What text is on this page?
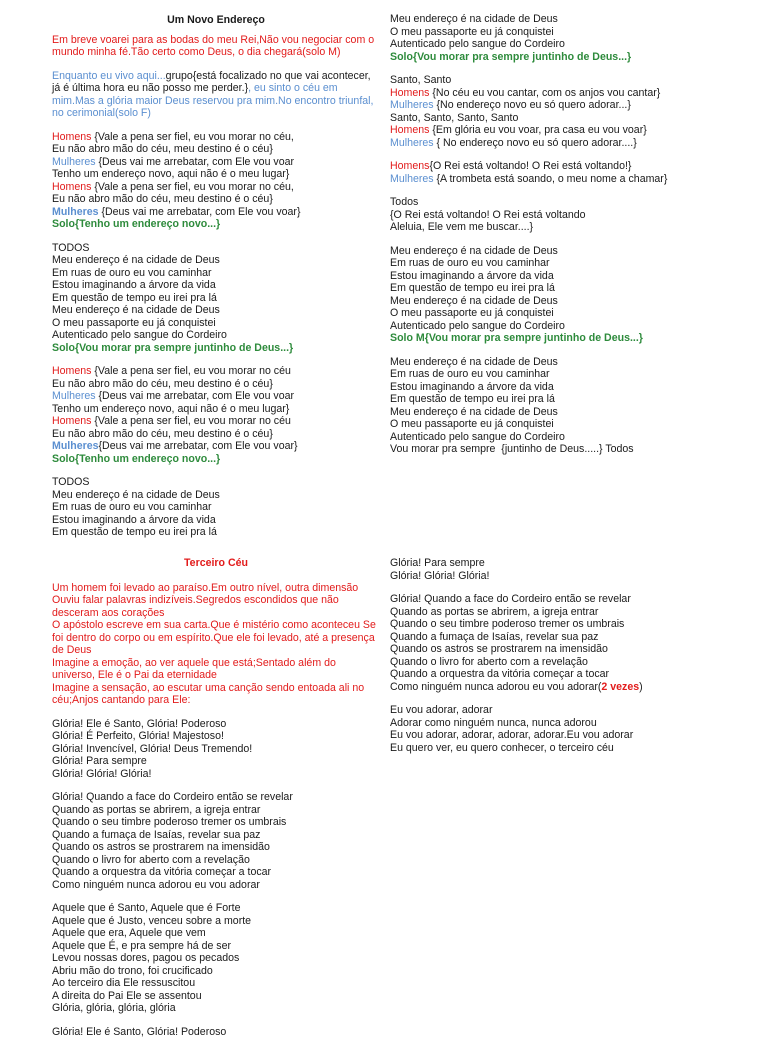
Um Novo Endereço
Em breve voarei para as bodas do meu Rei,Não vou negociar com o mundo minha fé.Tão certo como Deus, o dia chegará(solo M)
Enquanto eu vivo aqui...grupo{está focalizado no que vai acontecer, já é última hora eu não posso me perder.}, eu sinto o céu em mim.Mas a glória maior Deus reservou pra mim.No encontro triunfal, no cerimonial(solo F)
Homens {Vale a pena ser fiel, eu vou morar no céu,
Eu não abro mão do céu, meu destino é o céu}
Mulheres {Deus vai me arrebatar, com Ele vou voar
Tenho um endereço novo, aqui não é o meu lugar}
Homens {Vale a pena ser fiel, eu vou morar no céu,
Eu não abro mão do céu, meu destino é o céu}
Mulheres {Deus vai me arrebatar, com Ele vou voar}
Solo{Tenho um endereço novo...}
TODOS
Meu endereço é na cidade de Deus
Em ruas de ouro eu vou caminhar
Estou imaginando a árvore da vida
Em questão de tempo eu irei pra lá
Meu endereço é na cidade de Deus
O meu passaporte eu já conquistei
Autenticado pelo sangue do Cordeiro
Solo{Vou morar pra sempre juntinho de Deus...}
Homens {Vale a pena ser fiel, eu vou morar no céu
Eu não abro mão do céu, meu destino é o céu}
Mulheres {Deus vai me arrebatar, com Ele vou voar
Tenho um endereço novo, aqui não é o meu lugar}
Homens {Vale a pena ser fiel, eu vou morar no céu
Eu não abro mão do céu, meu destino é o céu}
Mulheres{Deus vai me arrebatar, com Ele vou voar}
Solo{Tenho um endereço novo...}
TODOS
Meu endereço é na cidade de Deus
Em ruas de ouro eu vou caminhar
Estou imaginando a árvore da vida
Em questão de tempo eu irei pra lá
Meu endereço é na cidade de Deus
O meu passaporte eu já conquistei
Autenticado pelo sangue do Cordeiro
Solo{Vou morar pra sempre juntinho de Deus...}
Santo, Santo
Homens {No céu eu vou cantar, com os anjos vou cantar}
Mulheres {No endereço novo eu só quero adorar...}
Santo, Santo, Santo, Santo
Homens {Em glória eu vou voar, pra casa eu vou voar}
Mulheres { No endereço novo eu só quero adorar....}
Homens{O Rei está voltando! O Rei está voltando!}
Mulheres {A trombeta está soando, o meu nome a chamar}
Todos
{O Rei está voltando! O Rei está voltando
Aleluia, Ele vem me buscar....}
Meu endereço é na cidade de Deus
Em ruas de ouro eu vou caminhar
Estou imaginando a árvore da vida
Em questão de tempo eu irei pra lá
Meu endereço é na cidade de Deus
O meu passaporte eu já conquistei
Autenticado pelo sangue do Cordeiro
Solo M{Vou morar pra sempre juntinho de Deus...}
Meu endereço é na cidade de Deus
Em ruas de ouro eu vou caminhar
Estou imaginando a árvore da vida
Em questão de tempo eu irei pra lá
Meu endereço é na cidade de Deus
O meu passaporte eu já conquistei
Autenticado pelo sangue do Cordeiro
Vou morar pra sempre  {juntinho de Deus.....} Todos
Terceiro Céu
Um homem foi levado ao paraíso.Em outro nível, outra dimensão Ouviu falar palavras indizíveis.Segredos escondidos que não desceram aos corações
O apóstolo escreve em sua carta.Que é mistério como aconteceu Se foi dentro do corpo ou em espírito.Que ele foi levado, até a presença de Deus
Imagine a emoção, ao ver aquele que está;Sentado além do universo, Ele é o Pai da eternidade
Imagine a sensação, ao escutar uma canção sendo entoada ali no céu;Anjos cantando para Ele:
Glória! Ele é Santo, Glória! Poderoso
Glória! É Perfeito, Glória! Majestoso!
Glória! Invencível, Glória! Deus Tremendo!
Glória! Para sempre
Glória! Glória! Glória!
Glória! Quando a face do Cordeiro então se revelar
Quando as portas se abrirem, a igreja entrar
Quando o seu timbre poderoso tremer os umbrais
Quando a fumaça de Isaías, revelar sua paz
Quando os astros se prostrarem na imensidão
Quando o livro for aberto com a revelação
Quando a orquestra da vitória começar a tocar
Como ninguém nunca adorou eu vou adorar
Aquele que é Santo, Aquele que é Forte
Aquele que é Justo, venceu sobre a morte
Aquele que era, Aquele que vem
Aquele que É, e pra sempre há de ser
Levou nossas dores, pagou os pecados
Abriu mão do trono, foi crucificado
Ao terceiro dia Ele ressuscitou
A direita do Pai Ele se assentou
Glória, glória, glória, glória
Glória! Ele é Santo, Glória! Poderoso
Glória! Para sempre
Glória! Glória! Glória!
Glória! Quando a face do Cordeiro então se revelar
Quando as portas se abrirem, a igreja entrar
Quando o seu timbre poderoso tremer os umbrais
Quando a fumaça de Isaías, revelar sua paz
Quando os astros se prostrarem na imensidão
Quando o livro for aberto com a revelação
Quando a orquestra da vitória começar a tocar
Como ninguém nunca adorou eu vou adorar(2 vezes)
Eu vou adorar, adorar
Adorar como ninguém nunca, nunca adorou
Eu vou adorar, adorar, adorar, adorar.Eu vou adorar
Eu quero ver, eu quero conhecer, o terceiro céu
